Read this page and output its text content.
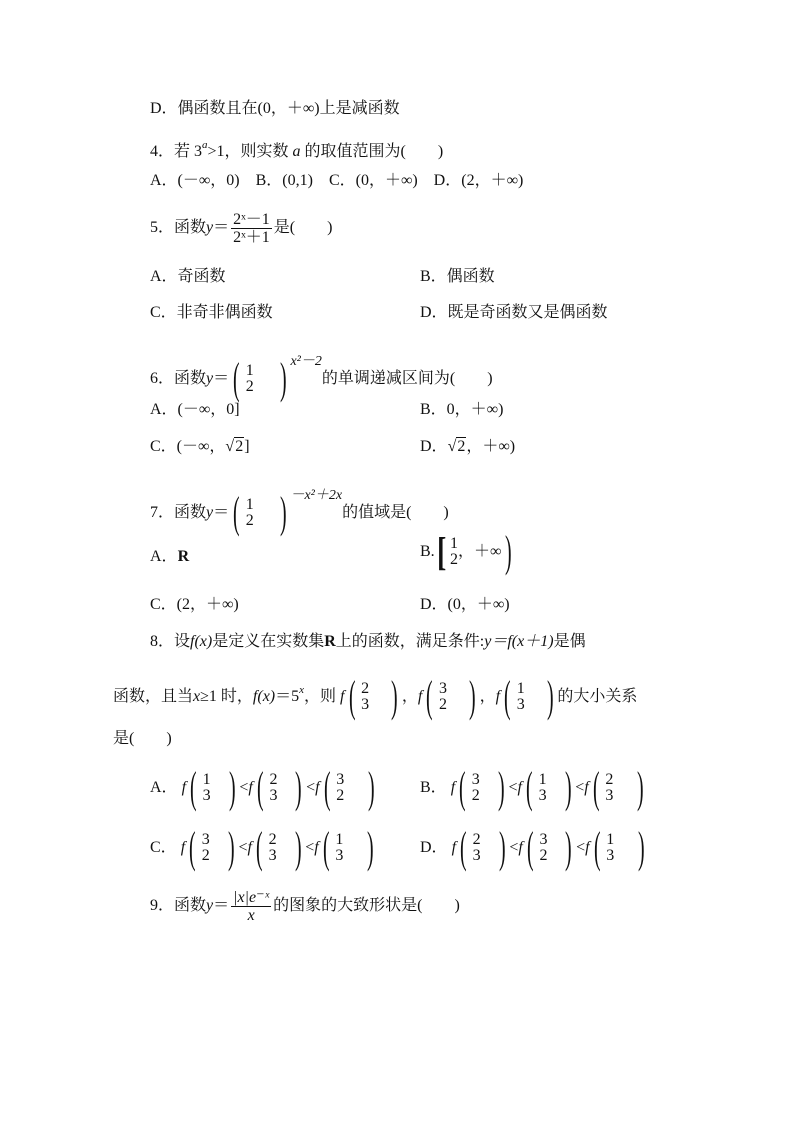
D．偶函数且在(0，＋∞)上是减函数
4．若 $3^a>1$，则实数 a 的取值范围为(　　)
A．(－∞，0)　B．(0,1)　C．(0，＋∞)　D．(2，＋∞)
5．函数$y= \frac{\text{2ˣ－1}}{\text{2ˣ＋1}}$ 是(　　)
A．奇函数	B．偶函数
C．非奇非偶函数	D．既是奇函数又是偶函数
6．函数y＝( 1
2 ) x²－2的单调递减区间为(　　)
A．(－∞，0]	B．0，＋∞)
C．(－∞，√2]	D．√2，＋∞)
7．函数y＝( 1
2 ) －x²＋2x的值域是(　　)
A．R	B.[ 1
2 ，＋∞)
C．(2，＋∞)	D．(0，＋∞)
8．设f(x)是定义在实数集R上的函数，满足条件:y＝f(x＋1)是偶
函数，且当x≥1 时，$f(x)=5^x$，则 f( 2
3 ) ，f( 3
2 ) ，f( 1
3 ) 的大小关系
是(　　)
A． f( 1
3 ) <f( 2
3 ) <f( 3
2 )	B． f( 3
2 ) <f( 1
3 ) <f( 2
3 )
C． f( 3
2 ) <f( 2
3 ) <f( 1
3 )	D． f( 2
3 ) <f( 3
2 ) <f( 1
3 )
9．函数$y= \frac{\text{|x|e⁻ˣ}}{x}$ 的图象的大致形状是(　　)
